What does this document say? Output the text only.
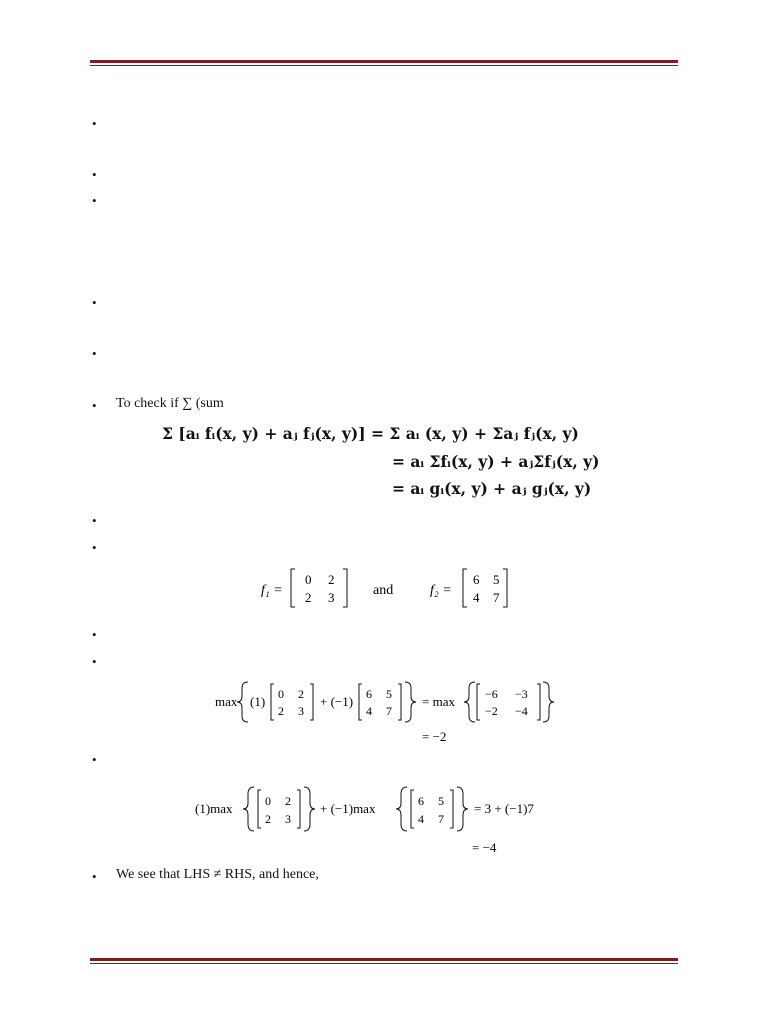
•
•
•
•
•
• To check if ∑ (sum
Σ [aᵢ fᵢ(x, y) + aⱼ fⱼ(x, y)] = Σ aᵢ (x, y) + Σaⱼ fⱼ(x, y)
= aᵢ Σfᵢ(x, y) + aⱼΣfⱼ(x, y)
= aᵢ gᵢ(x, y) + aⱼ gⱼ(x, y)
•
•
f₁ =
0 2
2 3	and	f₂ =
6 5
4 7
•
•
max (1) 0 2
2 3
+ (−1) 6 5
4 7
= max	−6 −3
−2 −4
= −2
•
(1)max	0 2
2 3
+ (−1)max	6 5
4 7
= 3 + (−1)7
= −4
• We see that LHS ≠ RHS, and hence,
